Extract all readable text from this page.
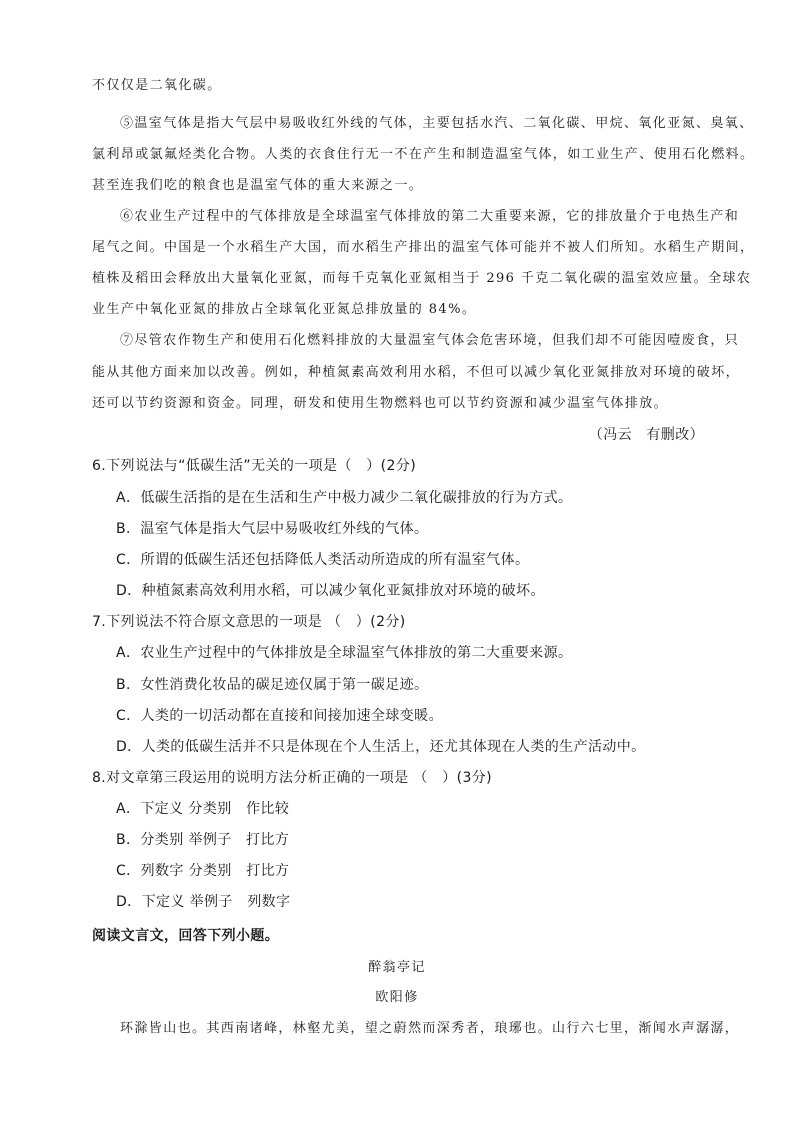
不仅仅是二氧化碳。
⑤温室气体是指大气层中易吸收红外线的气体，主要包括水汽、二氧化碳、甲烷、氧化亚氮、臭氧、
氯利昂或氯氟烃类化合物。人类的衣食住行无一不在产生和制造温室气体，如工业生产、使用石化燃料。
甚至连我们吃的粮食也是温室气体的重大来源之一。
⑥农业生产过程中的气体排放是全球温室气体排放的第二大重要来源，它的排放量介于电热生产和
尾气之间。中国是一个水稻生产大国，而水稻生产排出的温室气体可能并不被人们所知。水稻生产期间，
植株及稻田会释放出大量氧化亚氮，而每千克氧化亚氮相当于 296 千克二氧化碳的温室效应量。全球农
业生产中氧化亚氮的排放占全球氧化亚氮总排放量的 84%。
⑦尽管农作物生产和使用石化燃料排放的大量温室气体会危害环境，但我们却不可能因噎废食，只
能从其他方面来加以改善。例如，种植氮素高效利用水稻，不但可以减少氧化亚氮排放对环境的破坏，
还可以节约资源和资金。同理，研发和使用生物燃料也可以节约资源和减少温室气体排放。
（冯云　有删改）
6.下列说法与“低碳生活”无关的一项是（　）(2分)
A．低碳生活指的是在生活和生产中极力减少二氧化碳排放的行为方式。
B．温室气体是指大气层中易吸收红外线的气体。
C．所谓的低碳生活还包括降低人类活动所造成的所有温室气体。
D．种植氮素高效利用水稻，可以减少氧化亚氮排放对环境的破坏。
7.下列说法不符合原文意思的一项是 （　）(2分)
A．农业生产过程中的气体排放是全球温室气体排放的第二大重要来源。
B．女性消费化妆品的碳足迹仅属于第一碳足迹。
C．人类的一切活动都在直接和间接加速全球变暖。
D．人类的低碳生活并不只是体现在个人生活上，还尤其体现在人类的生产活动中。
8.对文章第三段运用的说明方法分析正确的一项是 （　）(3分)
A．下定义 分类别　作比较
B．分类别 举例子　打比方
C．列数字 分类别　打比方
D．下定义 举例子　列数字
阅读文言文，回答下列小题。
醉翁亭记
欧阳修
环滁皆山也。其西南诸峰，林壑尤美，望之蔚然而深秀者，琅琊也。山行六七里，渐闻水声潺潺，
